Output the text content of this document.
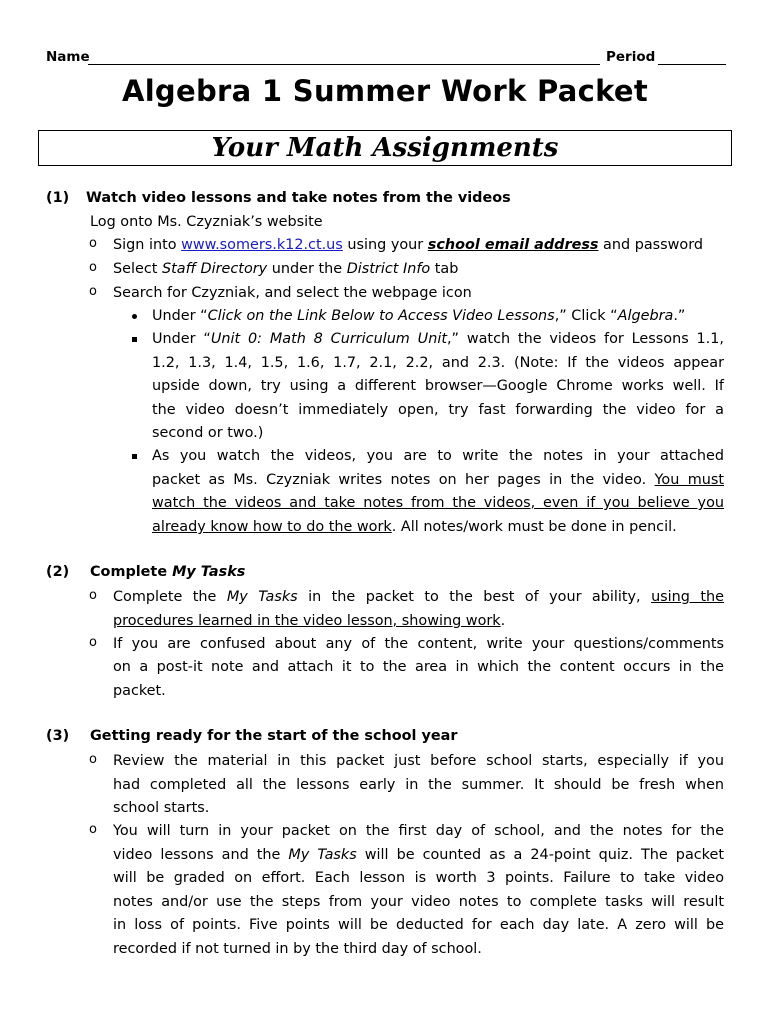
Name	Period
Algebra 1 Summer Work Packet
Your Math Assignments
(1) Watch video lessons and take notes from the videos
Log onto Ms. Czyzniak’s website
o Sign into www.somers.k12.ct.us using your school email address and password
o Select Staff Directory under the District Info tab
o Search for Czyzniak, and select the webpage icon
Under “Click on the Link Below to Access Video Lessons,” Click “Algebra.”
Under “Unit 0: Math 8 Curriculum Unit,” watch the videos for Lessons 1.1,
1.2, 1.3, 1.4, 1.5, 1.6, 1.7, 2.1, 2.2, and 2.3. (Note: If the videos appear
upside down, try using a different browser—Google Chrome works well. If
the video doesn’t immediately open, try fast forwarding the video for a
second or two.)
As you watch the videos, you are to write the notes in your attached
packet as Ms. Czyzniak writes notes on her pages in the video. You must
watch the videos and take notes from the videos, even if you believe you
already know how to do the work. All notes/work must be done in pencil.
(2) Complete My Tasks
o Complete the My Tasks in the packet to the best of your ability, using the
procedures learned in the video lesson, showing work.
o If you are confused about any of the content, write your questions/comments
on a post-it note and attach it to the area in which the content occurs in the
packet.
(3) Getting ready for the start of the school year
o Review the material in this packet just before school starts, especially if you
had completed all the lessons early in the summer. It should be fresh when
school starts.
o You will turn in your packet on the first day of school, and the notes for the
video lessons and the My Tasks will be counted as a 24-point quiz. The packet
will be graded on effort. Each lesson is worth 3 points. Failure to take video
notes and/or use the steps from your video notes to complete tasks will result
in loss of points. Five points will be deducted for each day late. A zero will be
recorded if not turned in by the third day of school.
